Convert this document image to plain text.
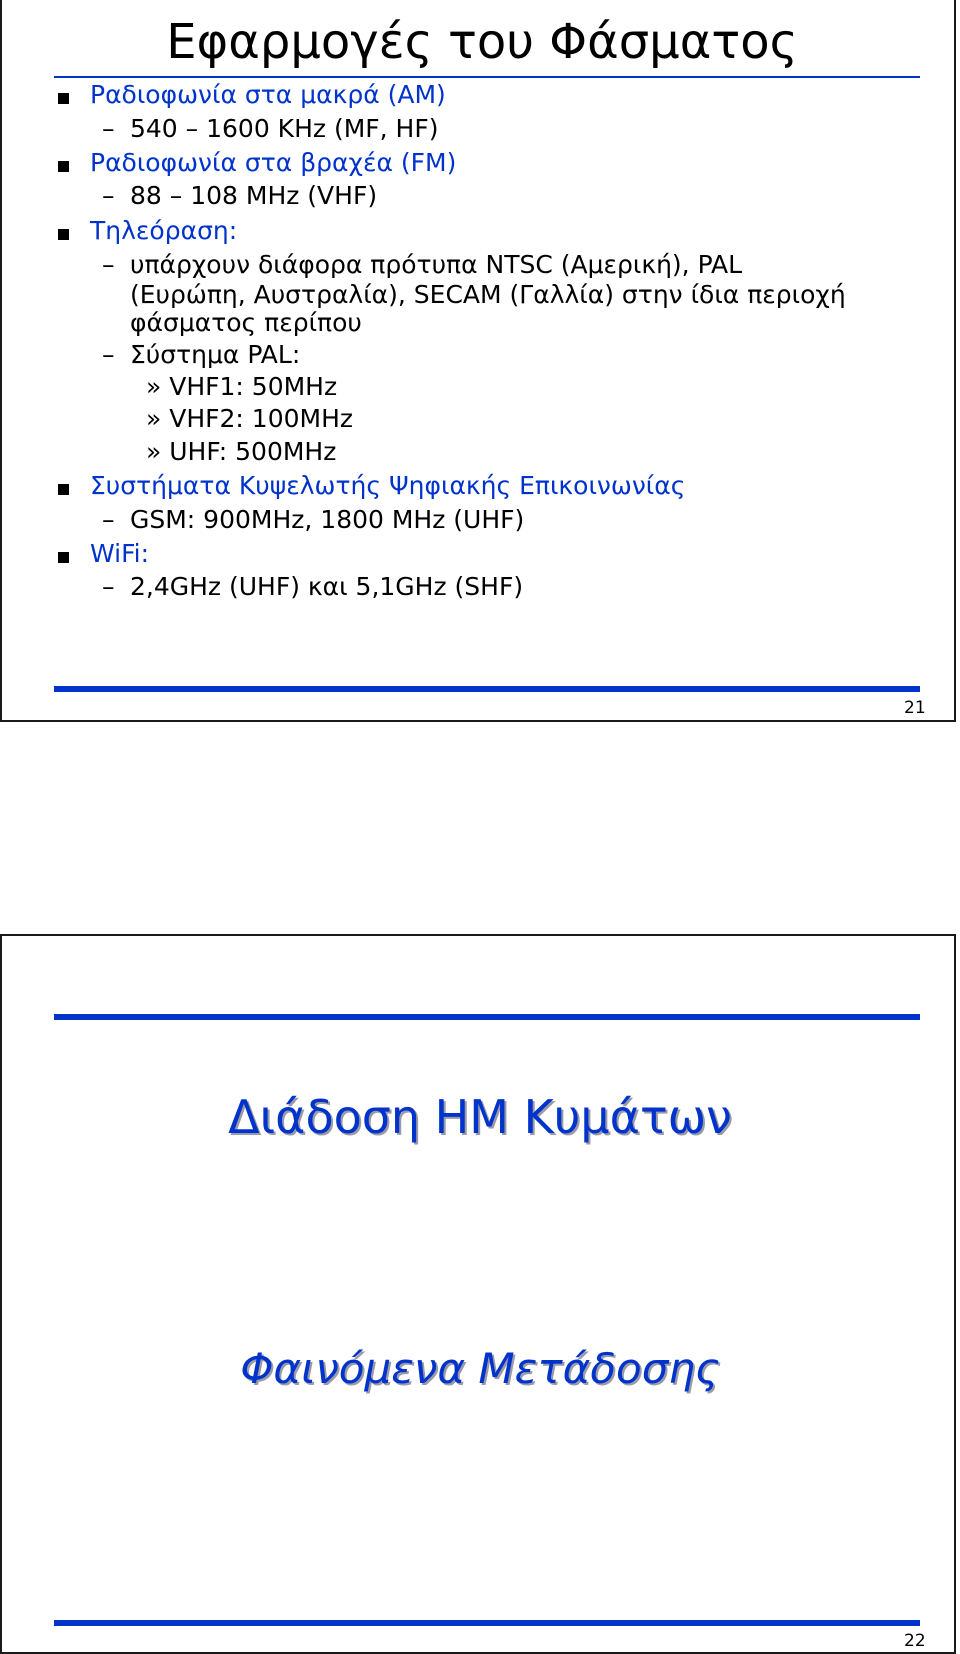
Εφαρμογές του Φάσματος
Ραδιοφωνία στα μακρά (AM)
– 540 – 1600 KHz (MF, HF)
Ραδιοφωνία στα βραχέα (FM)
– 88 – 108 MHz (VHF)
Τηλεόραση:
– υπάρχουν διάφορα πρότυπα NTSC (Αμερική), PAL
(Ευρώπη, Αυστραλία), SECAM (Γαλλία) στην ίδια περιοχή
φάσματος περίπου
– Σύστημα PAL:
» VHF1: 50MHz
» VHF2: 100MHz
» UHF: 500MHz
Συστήματα Κυψελωτής Ψηφιακής Επικοινωνίας
– GSM: 900MHz, 1800 MHz (UHF)
WiFi:
– 2,4GHz (UHF) και 5,1GHz (SHF)
21
Διάδοση ΗΜ Κυμάτων
Φαινόμενα Μετάδοσης
22
